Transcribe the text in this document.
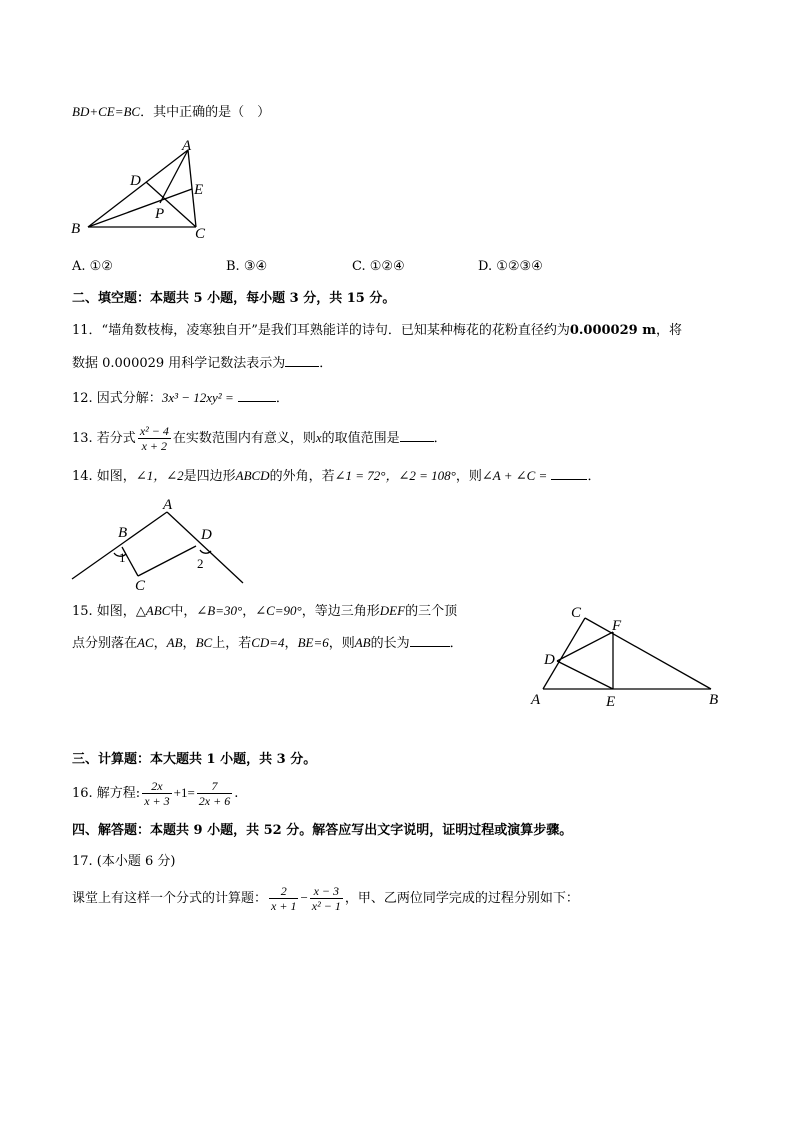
BD+CE=BC．其中正确的是（　）
A
B	C
D
E
P
A. ①②	B. ③④	C. ①②④	D. ①②③④
二、填空题：本题共 5 小题，每小题 3 分，共 15 分。
11．“墙角数枝梅，凌寒独自开”是我们耳熟能详的诗句．已知某种梅花的花粉直径约为0.000029 m，将
数据 0.000029 用科学记数法表示为	．
12. 因式分解：3x³ − 12xy² =	．
13. 若分式 $\frac{\text{x² − 4}}{x + 2}$ 在实数范围内有意义，则x的取值范围是	．
14. 如图，∠1，∠2是四边形ABCD的外角，若∠1 = 72°，∠2 = 108°，则∠A + ∠C =	．
A
B
C
D
1	2
15. 如图，△ABC中，∠B=30°，∠C=90°，等边三角形DEF的三个顶
点分别落在AC，AB，BC上，若CD=4，BE=6，则AB的长为	．
C
F
D
A	E	B
三、计算题：本大题共 1 小题，共 3 分。
16. 解方程: $\frac{2x}{x + 3} +1= \frac{7}{2x + 6}$ .
四、解答题：本题共 9 小题，共 52 分。解答应写出文字说明，证明过程或演算步骤。
17. (本小题 6 分)
课堂上有这样一个分式的计算题： $\frac{2}{x + 1} - \frac{x - 3}{\text{x² − 1}}$ ，甲、乙两位同学完成的过程分别如下：
